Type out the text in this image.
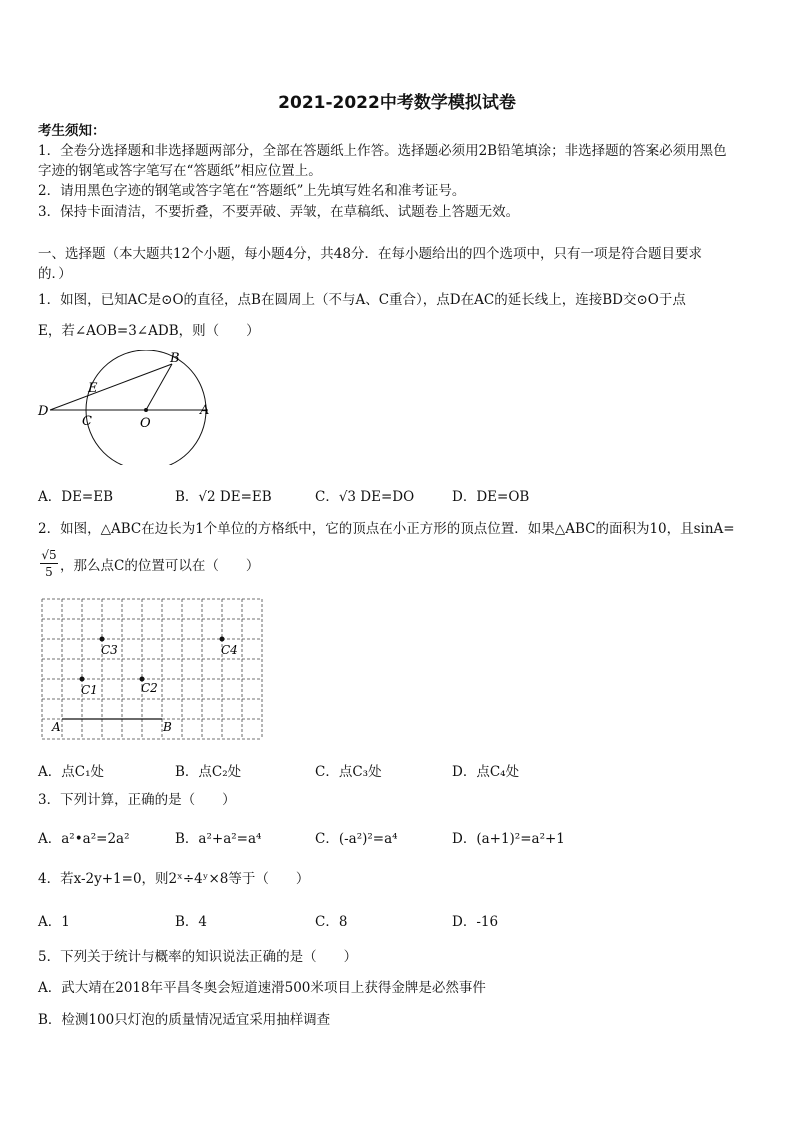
2021-2022中考数学模拟试卷
考生须知：
1．全卷分选择题和非选择题两部分，全部在答题纸上作答。选择题必须用2B铅笔填涂；非选择题的答案必须用黑色
字迹的钢笔或答字笔写在“答题纸”相应位置上。
2．请用黑色字迹的钢笔或答字笔在“答题纸”上先填写姓名和准考证号。
3．保持卡面清洁，不要折叠，不要弄破、弄皱，在草稿纸、试题卷上答题无效。
一、选择题（本大题共12个小题，每小题4分，共48分．在每小题给出的四个选项中，只有一项是符合题目要求
的．）
1．如图，已知AC是⊙O的直径，点B在圆周上（不与A、C重合），点D在AC的延长线上，连接BD交⊙O于点
E，若∠AOB=3∠ADB，则（　　）
B
E
D
C	O
A
A．DE=EB	B．√2 DE=EB	C．√3 DE=DO	D．DE=OB
2．如图，△ABC在边长为1个单位的方格纸中，它的顶点在小正方形的顶点位置．如果△ABC的面积为10，且sinA=
$\frac{√5}{5}$ ，那么点C的位置可以在（　　）
C3	C4
C1	C2
A	B
A．点C₁处	B．点C₂处	C．点C₃处	D．点C₄处
3．下列计算，正确的是（　　）
A．a²•a²=2a²	B．a²+a²=a⁴	C．(-a²)²=a⁴	D．(a+1)²=a²+1
4．若x-2y+1=0，则2ˣ÷4ʸ×8等于（　　）
A．1	B．4	C．8	D．-16
5．下列关于统计与概率的知识说法正确的是（　　）
A．武大靖在2018年平昌冬奥会短道速滑500米项目上获得金牌是必然事件
B．检测100只灯泡的质量情况适宜采用抽样调查
